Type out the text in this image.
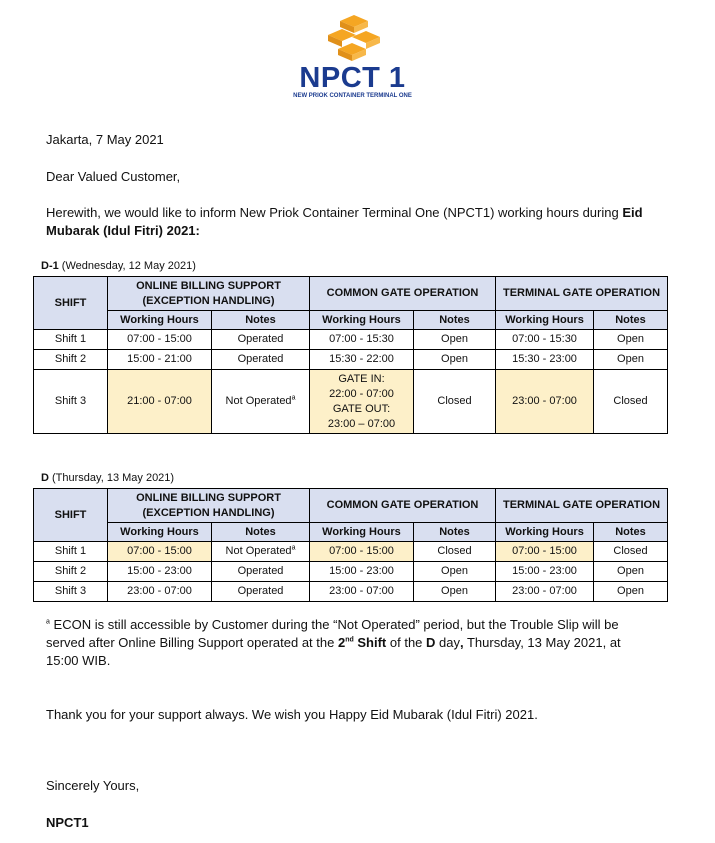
NPCT 1
NEW PRIOK CONTAINER TERMINAL ONE
Jakarta, 7 May 2021
Dear Valued Customer,
Herewith, we would like to inform New Priok Container Terminal One (NPCT1) working hours during Eid Mubarak (Idul Fitri) 2021:
D-1 (Wednesday, 12 May 2021)
SHIFT	ONLINE BILLING SUPPORT (EXCEPTION HANDLING)		COMMON GATE OPERATION		TERMINAL GATE OPERATION	
	Working Hours	Notes	Working Hours	Notes	Working Hours	Notes
Shift 1	07:00 - 15:00	Operated	07:00 - 15:30	Open	07:00 - 15:30	Open
Shift 2	15:00 - 21:00	Operated	15:30 - 22:00	Open	15:30 - 23:00	Open
Shift 3	21:00 - 07:00	Not Operated$^a$	GATE IN:
22:00 - 07:00
GATE OUT:
23:00 – 07:00	Closed	23:00 - 07:00	Closed
D (Thursday, 13 May 2021)
SHIFT	ONLINE BILLING SUPPORT (EXCEPTION HANDLING)		COMMON GATE OPERATION		TERMINAL GATE OPERATION	
	Working Hours	Notes	Working Hours	Notes	Working Hours	Notes
Shift 1	07:00 - 15:00	Not Operated$^a$	07:00 - 15:00	Closed	07:00 - 15:00	Closed
Shift 2	15:00 - 23:00	Operated	15:00 - 23:00	Open	15:00 - 23:00	Open
Shift 3	23:00 - 07:00	Operated	23:00 - 07:00	Open	23:00 - 07:00	Open
$^a$ ECON is still accessible by Customer during the “Not Operated” period, but the Trouble Slip will be served after Online Billing Support operated at the 2nd Shift of the D day, Thursday, 13 May 2021, at 15:00 WIB.
Thank you for your support always. We wish you Happy Eid Mubarak (Idul Fitri) 2021.
Sincerely Yours,
NPCT1
